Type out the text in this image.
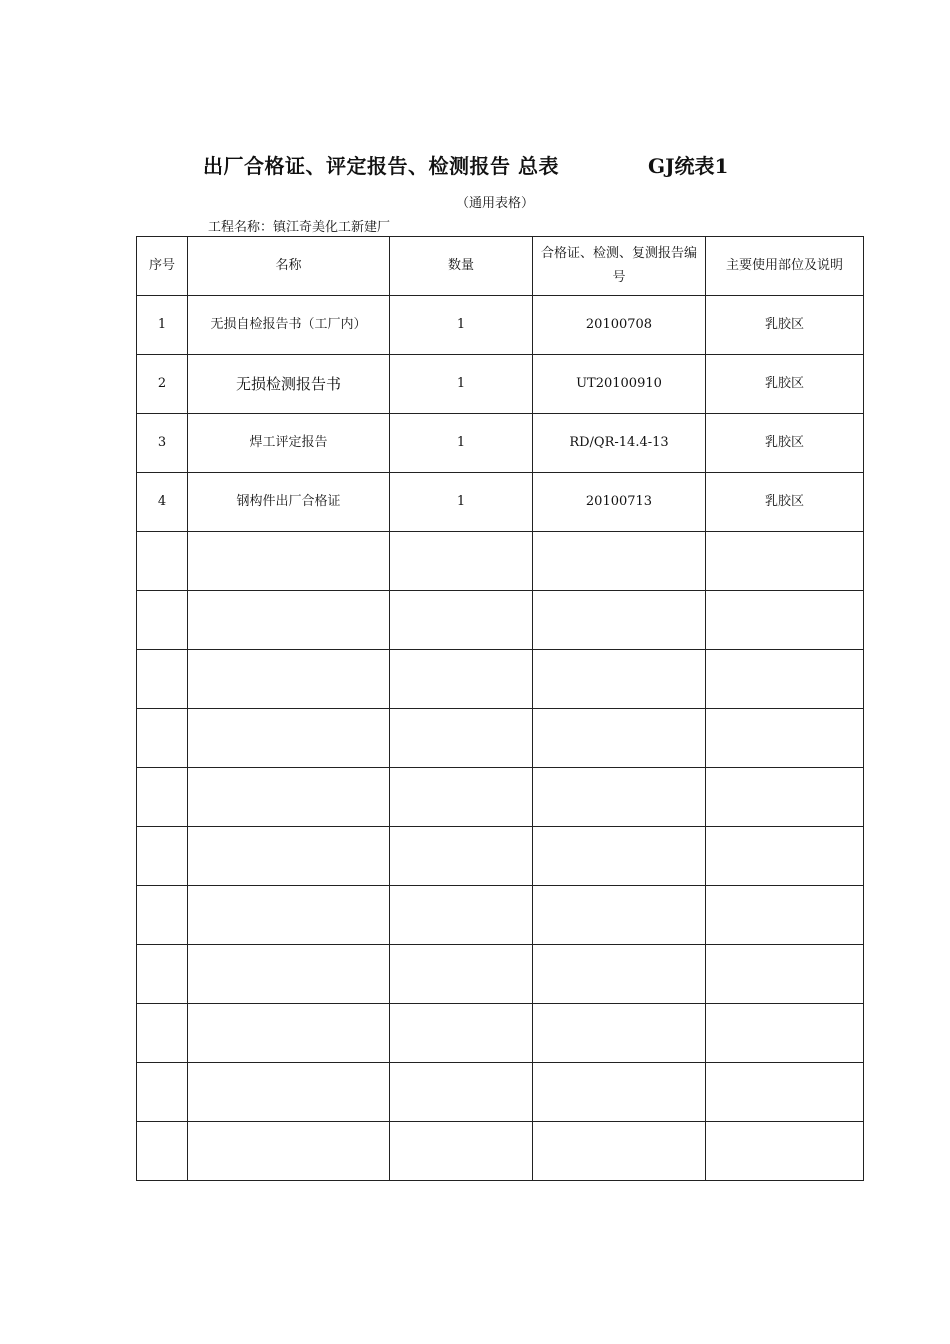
出厂合格证、评定报告、检测报告 总表	GJ统表1
（通用表格）
工程名称：镇江奇美化工新建厂
序号	名称	数量	合格证、检测、复测报告编号	主要使用部位及说明
1	无损自检报告书（工厂内）	1	20100708	乳胶区
2	无损检测报告书	1	UT20100910	乳胶区
3	焊工评定报告	1	RD/QR-14.4-13	乳胶区
4	钢构件出厂合格证	1	20100713	乳胶区
